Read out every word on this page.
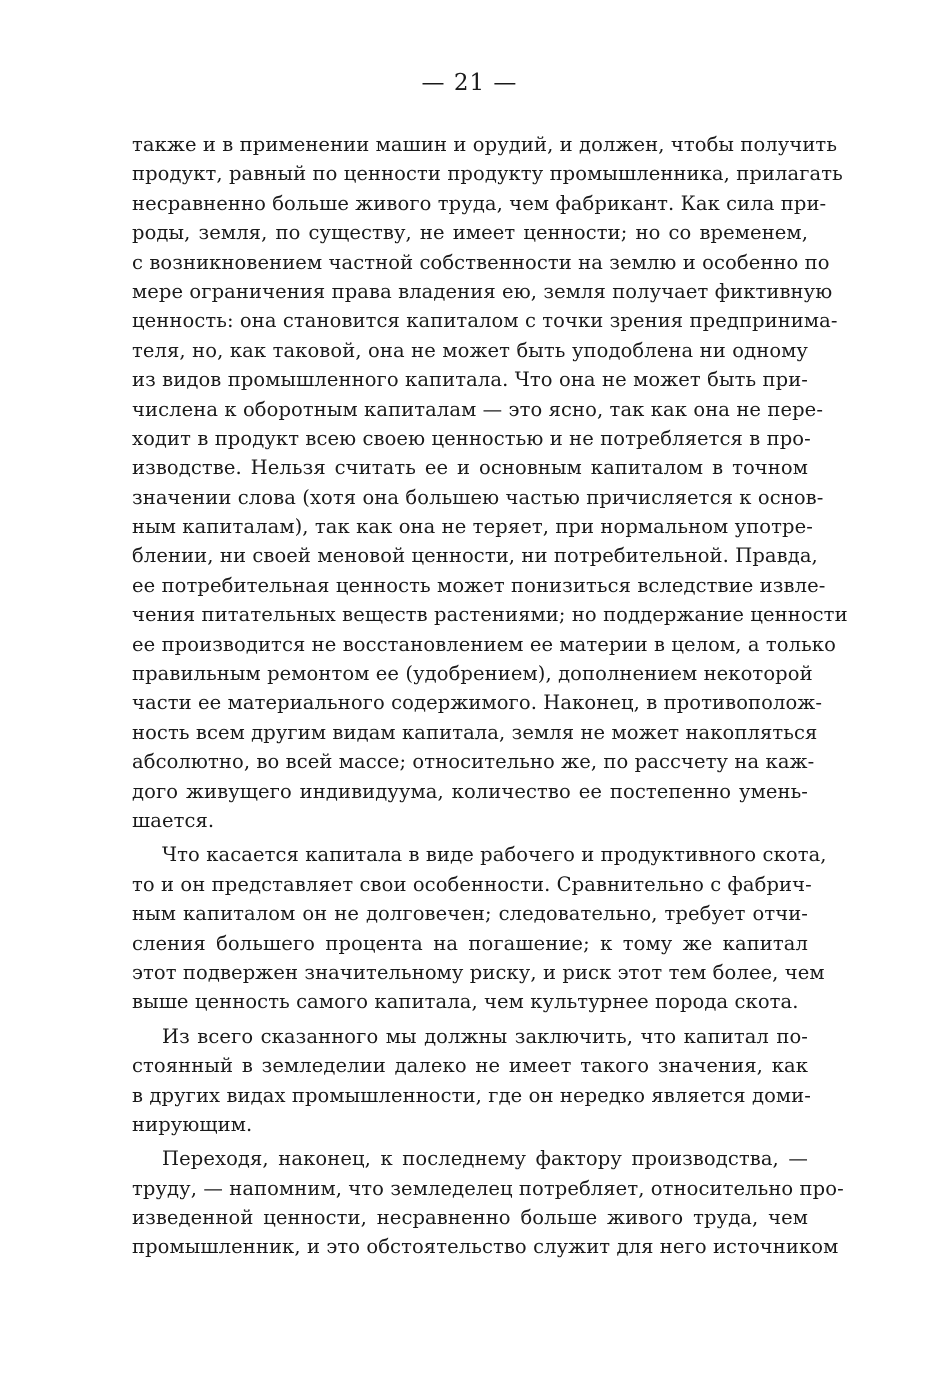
— 21 —
также и в применении машин и орудий, и должен, чтобы получить
продукт, равный по ценности продукту промышленника, прилагать
несравненно больше живого труда, чем фабрикант. Как сила при-
роды, земля, по существу, не имеет ценности; но со временем,
с возникновением частной собственности на землю и особенно по
мере ограничения права владения ею, земля получает фиктивную
ценность: она становится капиталом с точки зрения предпринима-
теля, но, как таковой, она не может быть уподоблена ни одному
из видов промышленного капитала. Что она не может быть при-
числена к оборотным капиталам — это ясно, так как она не пере-
ходит в продукт всею своею ценностью и не потребляется в про-
изводстве. Нельзя считать ее и основным капиталом в точном
значении слова (хотя она большею частью причисляется к основ-
ным капиталам), так как она не теряет, при нормальном употре-
блении, ни своей меновой ценности, ни потребительной. Правда,
ее потребительная ценность может понизиться вследствие извле-
чения питательных веществ растениями; но поддержание ценности
ее производится не восстановлением ее материи в целом, а только
правильным ремонтом ее (удобрением), дополнением некоторой
части ее материального содержимого. Наконец, в противополож-
ность всем другим видам капитала, земля не может накопляться
абсолютно, во всей массе; относительно же, по рассчету на каж-
дого живущего индивидуума, количество ее постепенно умень-
шается.
Что касается капитала в виде рабочего и продуктивного скота,
то и он представляет свои особенности. Сравнительно с фабрич-
ным капиталом он не долговечен; следовательно, требует отчи-
сления большего процента на погашение; к тому же капитал
этот подвержен значительному риску, и риск этот тем более, чем
выше ценность самого капитала, чем культурнее порода скота.
Из всего сказанного мы должны заключить, что капитал по-
стоянный в земледелии далеко не имеет такого значения, как
в других видах промышленности, где он нередко является доми-
нирующим.
Переходя, наконец, к последнему фактору производства, —
труду, — напомним, что земледелец потребляет, относительно про-
изведенной ценности, несравненно больше живого труда, чем
промышленник, и это обстоятельство служит для него источником
